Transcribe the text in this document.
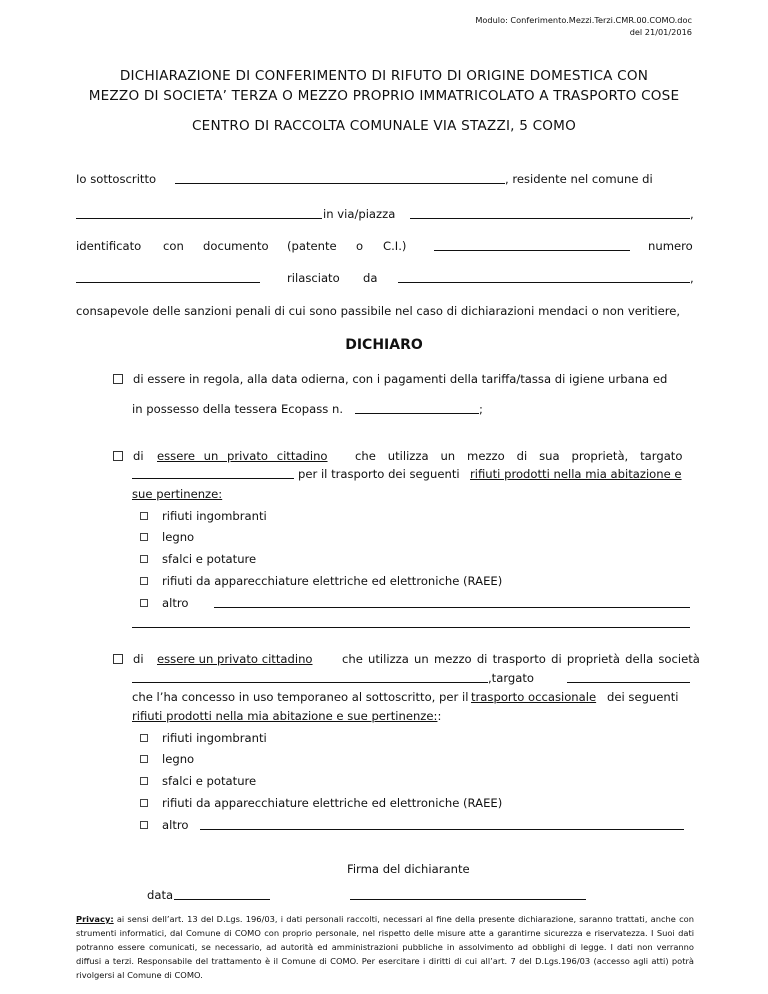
Modulo: Conferimento.Mezzi.Terzi.CMR.00.COMO.doc
del 21/01/2016
DICHIARAZIONE DI CONFERIMENTO DI RIFUTO DI ORIGINE DOMESTICA CON
MEZZO DI SOCIETA’ TERZA O MEZZO PROPRIO IMMATRICOLATO A TRASPORTO COSE
CENTRO DI RACCOLTA COMUNALE VIA STAZZI, 5 COMO
Io sottoscritto	, residente nel comune di
in via/piazza	,
identificato con documento (patente o C.I.)	numero
rilasciato da	,
consapevole delle sanzioni penali di cui sono passibile nel caso di dichiarazioni mendaci o non veritiere,
DICHIARO
di essere in regola, alla data odierna, con i pagamenti della tariffa/tassa di igiene urbana ed
in possesso della tessera Ecopass n.	;
di essere un privato cittadino che utilizza un mezzo di sua proprietà, targato
per il trasporto dei seguenti rifiuti prodotti nella mia abitazione e
sue pertinenze:
rifiuti ingombranti
legno
sfalci e potature
rifiuti da apparecchiature elettriche ed elettroniche (RAEE)
altro
di essere un privato cittadino	che utilizza un mezzo di trasporto di proprietà della società
,targato
che l’ha concesso in uso temporaneo al sottoscritto, per il trasporto occasionale dei seguenti
rifiuti prodotti nella mia abitazione e sue pertinenze::
rifiuti ingombranti
legno
sfalci e potature
rifiuti da apparecchiature elettriche ed elettroniche (RAEE)
altro
Firma del dichiarante
data
Privacy: ai sensi dell’art. 13 del D.Lgs. 196/03, i dati personali raccolti, necessari al fine della presente dichiarazione, saranno trattati, anche con strumenti informatici, dal Comune di COMO con proprio personale, nel rispetto delle misure atte a garantirne sicurezza e riservatezza. I Suoi dati potranno essere comunicati, se necessario, ad autorità ed amministrazioni pubbliche in assolvimento ad obblighi di legge. I dati non verranno diffusi a terzi. Responsabile del trattamento è il Comune di COMO. Per esercitare i diritti di cui all’art. 7 del D.Lgs.196/03 (accesso agli atti) potrà rivolgersi al Comune di COMO.
